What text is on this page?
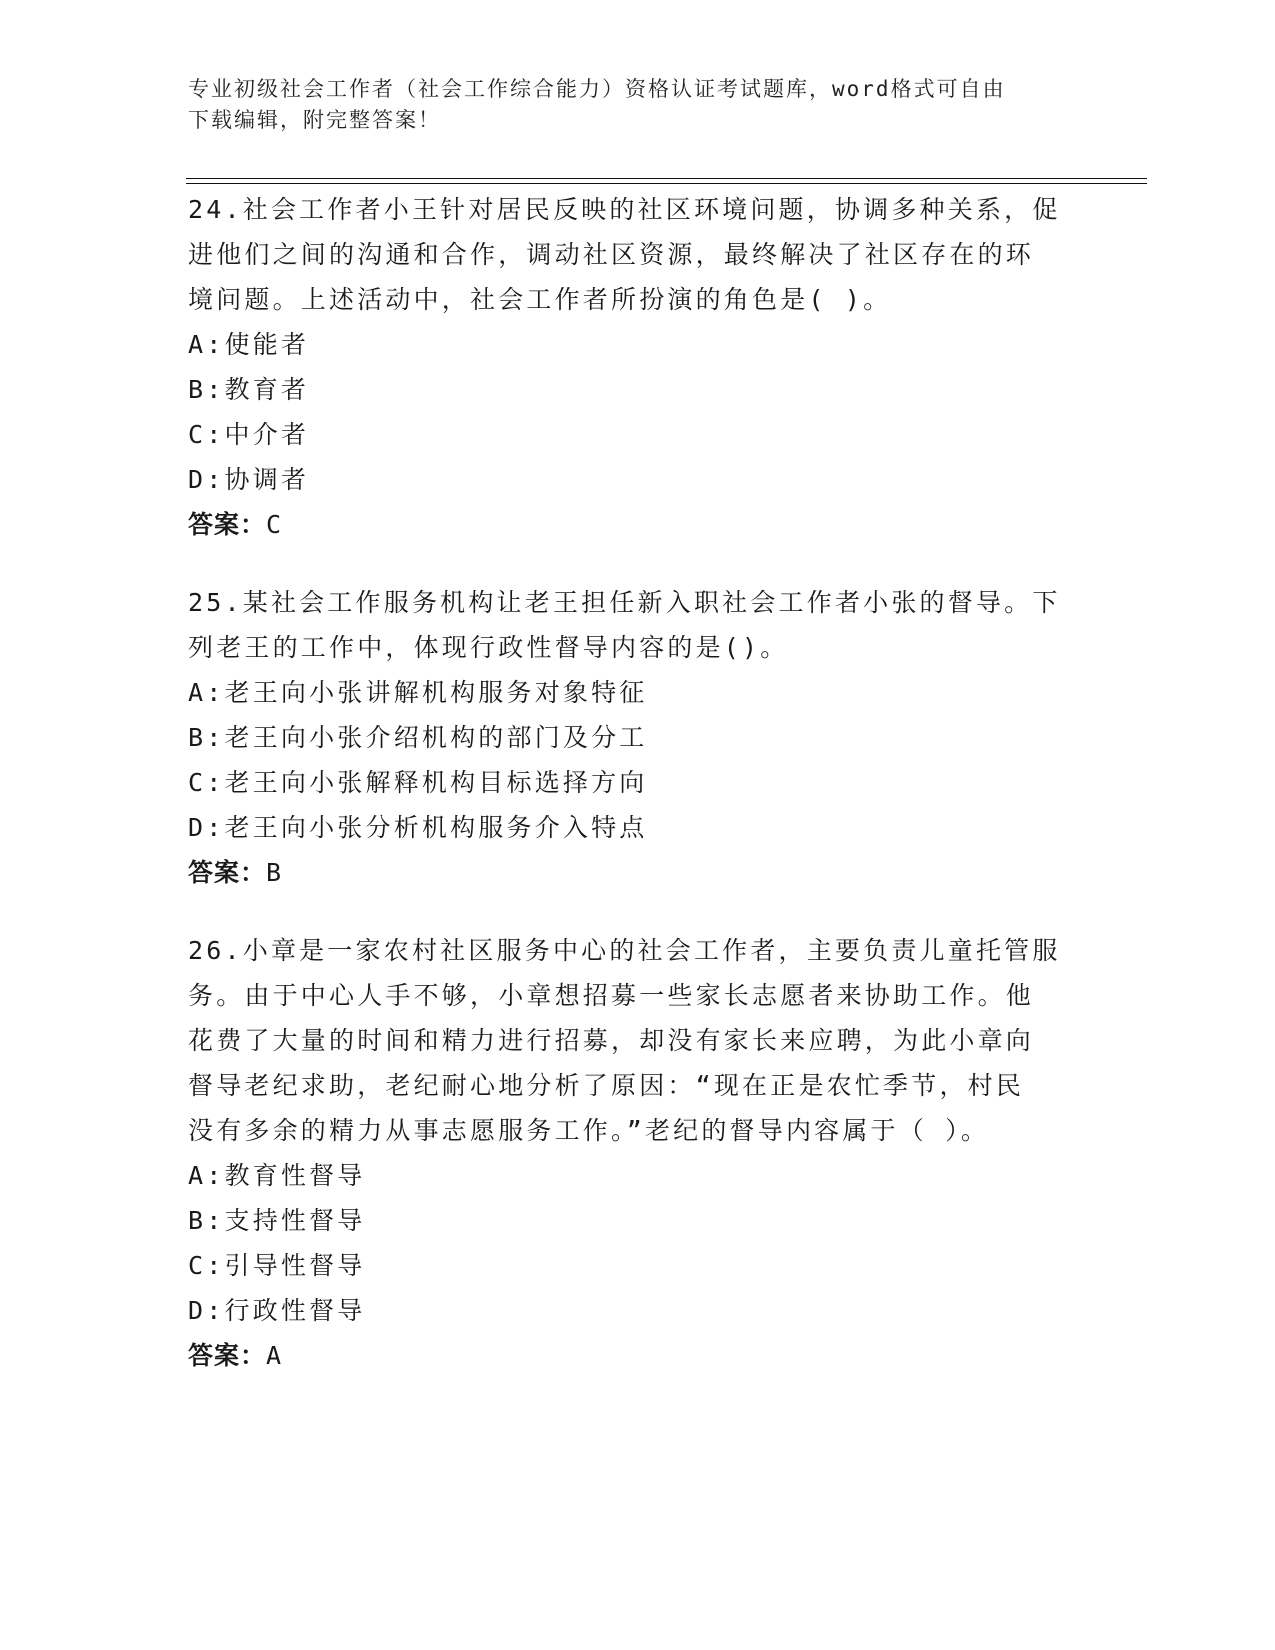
专业初级社会工作者（社会工作综合能力）资格认证考试题库，word格式可自由
下载编辑，附完整答案！
24.社会工作者小王针对居民反映的社区环境问题，协调多种关系，促
进他们之间的沟通和合作，调动社区资源，最终解决了社区存在的环
境问题。上述活动中，社会工作者所扮演的角色是( )。
A:使能者
B:教育者
C:中介者
D:协调者
答案：C
25.某社会工作服务机构让老王担任新入职社会工作者小张的督导。下
列老王的工作中，体现行政性督导内容的是()。
A:老王向小张讲解机构服务对象特征
B:老王向小张介绍机构的部门及分工
C:老王向小张解释机构目标选择方向
D:老王向小张分析机构服务介入特点
答案：B
26.小章是一家农村社区服务中心的社会工作者，主要负责儿童托管服
务。由于中心人手不够，小章想招募一些家长志愿者来协助工作。他
花费了大量的时间和精力进行招募，却没有家长来应聘，为此小章向
督导老纪求助，老纪耐心地分析了原因：“现在正是农忙季节，村民
没有多余的精力从事志愿服务工作。”老纪的督导内容属于（ ）。
A:教育性督导
B:支持性督导
C:引导性督导
D:行政性督导
答案：A
